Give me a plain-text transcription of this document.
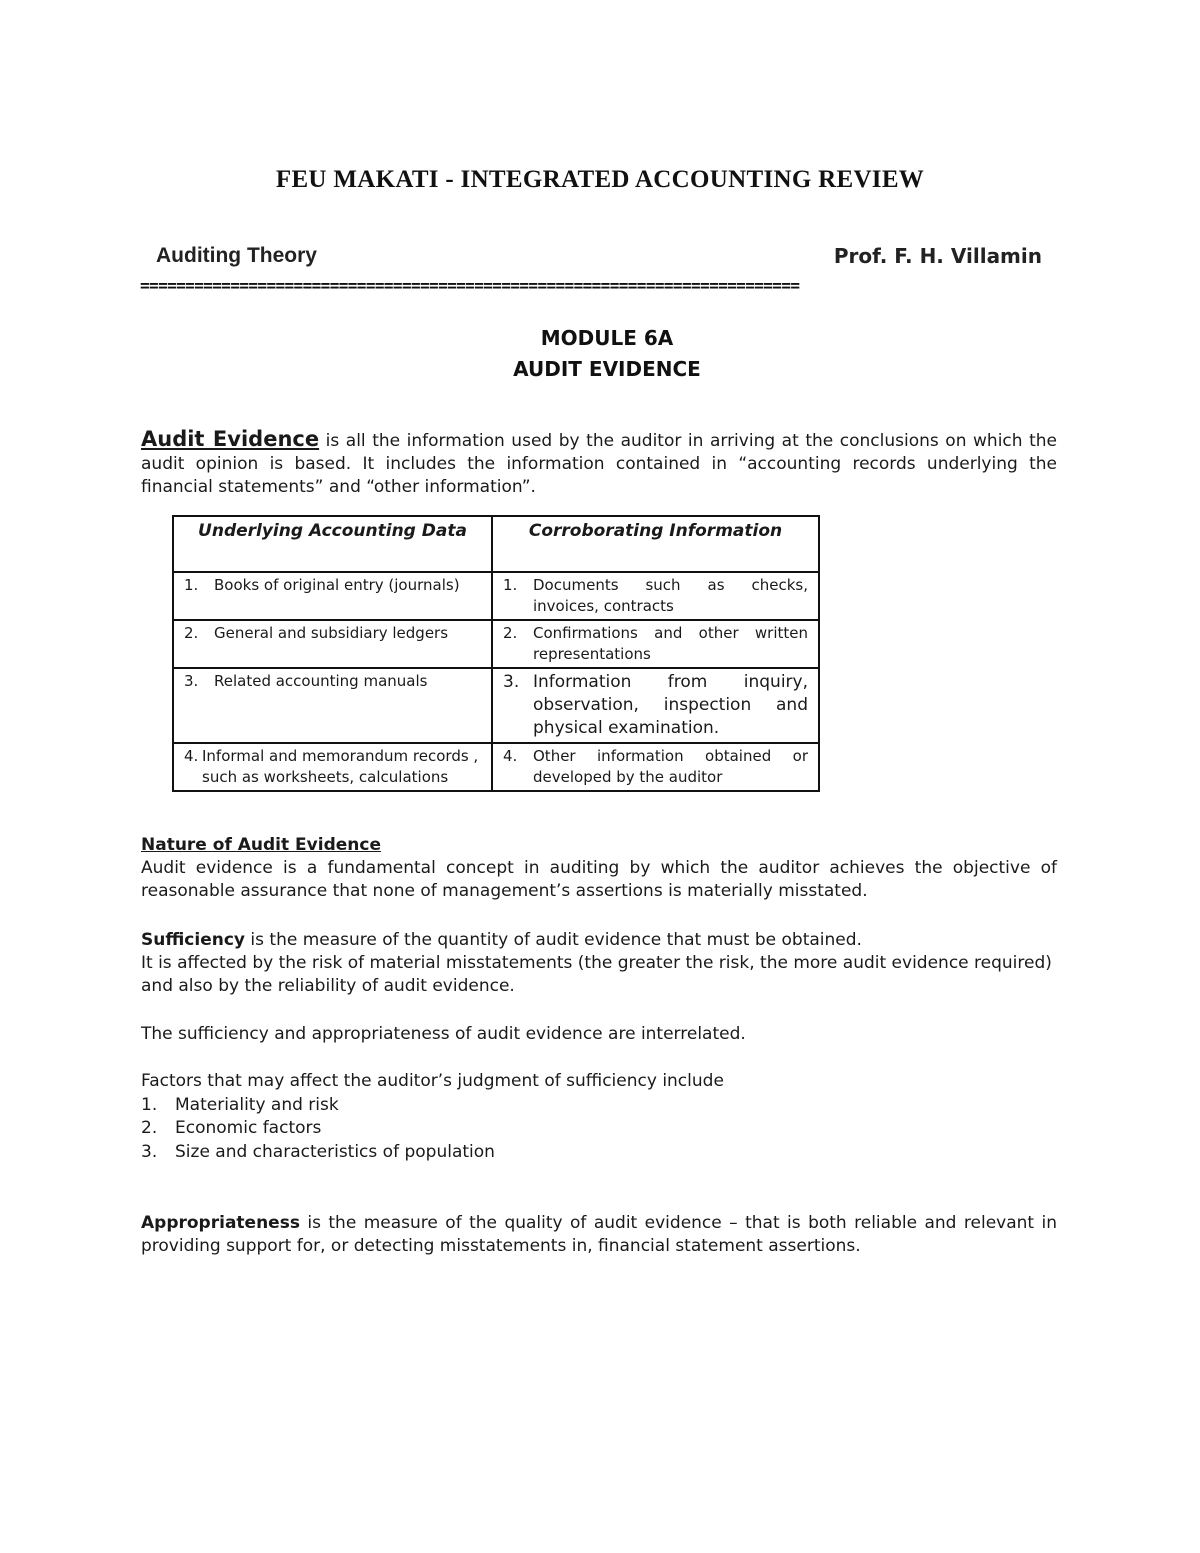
FEU MAKATI - INTEGRATED ACCOUNTING REVIEW
Auditing Theory	Prof. F. H. Villamin
=========================================================================
MODULE 6A
AUDIT EVIDENCE
Audit Evidence is all the information used by the auditor in arriving at the conclusions on which the audit opinion is based. It includes the information contained in “accounting records underlying the financial statements” and “other information”.
Underlying Accounting Data	Corroborating Information

1. Books of original entry (journals)	1. Documents such as checks, invoices, contracts

2. General and subsidiary ledgers	2. Confirmations and other written representations

3. Related accounting manuals	3. Information from inquiry, observation, inspection and physical examination.

4. Informal and memorandum records , such as worksheets, calculations	4. Other information obtained or developed by the auditor
Nature of Audit Evidence
Audit evidence is a fundamental concept in auditing by which the auditor achieves the objective of reasonable assurance that none of management’s assertions is materially misstated.
Sufficiency is the measure of the quantity of audit evidence that must be obtained.
It is affected by the risk of material misstatements (the greater the risk, the more audit evidence required) and also by the reliability of audit evidence.
The sufficiency and appropriateness of audit evidence are interrelated.
Factors that may affect the auditor’s judgment of sufficiency include
1.	Materiality and risk
2.	Economic factors
3.	Size and characteristics of population
Appropriateness is the measure of the quality of audit evidence – that is both reliable and relevant in providing support for, or detecting misstatements in, financial statement assertions.
